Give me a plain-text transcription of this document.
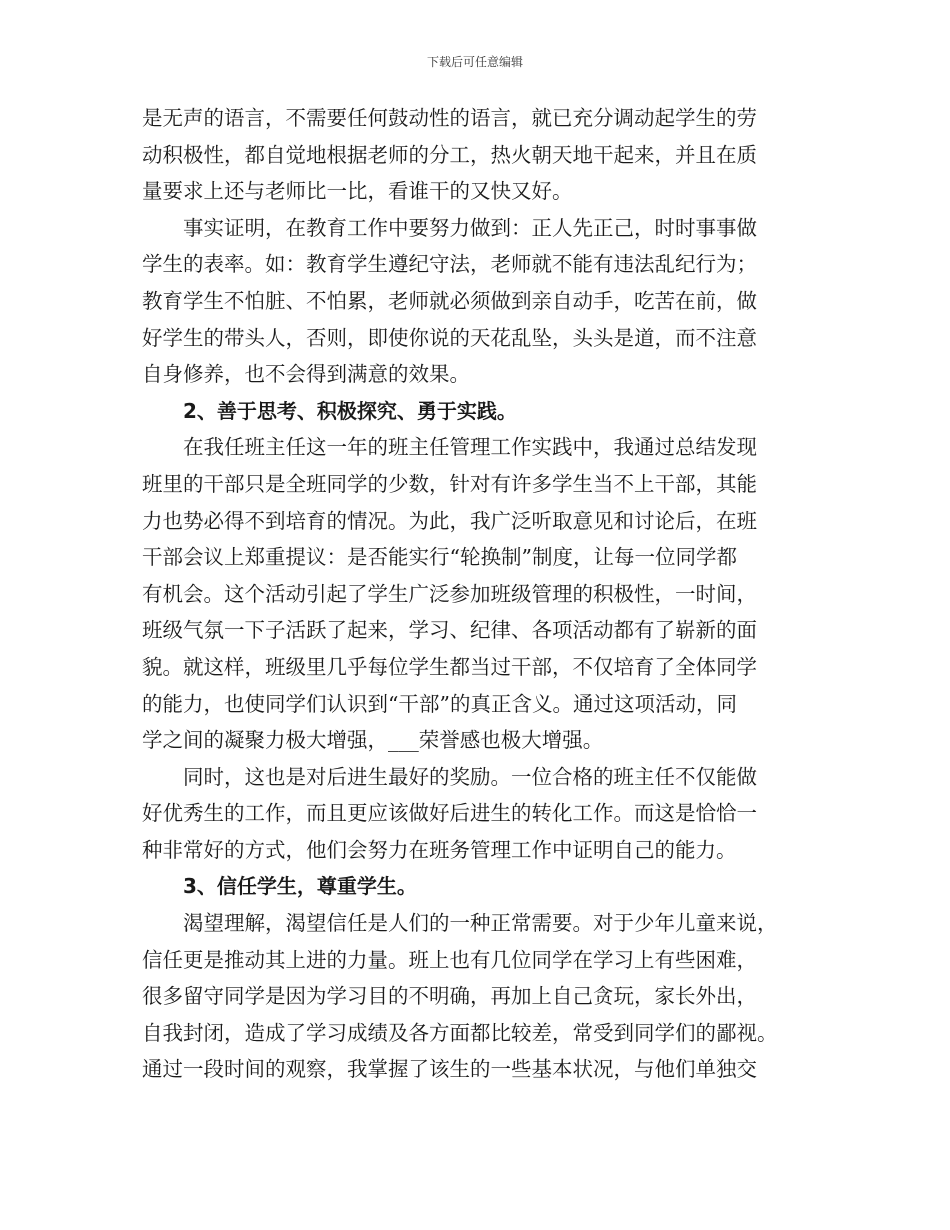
下载后可任意编辑
是无声的语言，不需要任何鼓动性的语言，就已充分调动起学生的劳
动积极性，都自觉地根据老师的分工，热火朝天地干起来，并且在质
量要求上还与老师比一比，看谁干的又快又好。
事实证明，在教育工作中要努力做到：正人先正己，时时事事做
学生的表率。如：教育学生遵纪守法，老师就不能有违法乱纪行为；
教育学生不怕脏、不怕累，老师就必须做到亲自动手，吃苦在前，做
好学生的带头人，否则，即使你说的天花乱坠，头头是道，而不注意
自身修养，也不会得到满意的效果。
2、善于思考、积极探究、勇于实践。
在我任班主任这一年的班主任管理工作实践中，我通过总结发现
班里的干部只是全班同学的少数，针对有许多学生当不上干部，其能
力也势必得不到培育的情况。为此，我广泛听取意见和讨论后，在班
干部会议上郑重提议：是否能实行“轮换制”制度，让每一位同学都
有机会。这个活动引起了学生广泛参加班级管理的积极性，一时间，
班级气氛一下子活跃了起来，学习、纪律、各项活动都有了崭新的面
貌。就这样，班级里几乎每位学生都当过干部，不仅培育了全体同学
的能力，也使同学们认识到“干部”的真正含义。通过这项活动，同
学之间的凝聚力极大增强，___荣誉感也极大增强。
同时，这也是对后进生最好的奖励。一位合格的班主任不仅能做
好优秀生的工作，而且更应该做好后进生的转化工作。而这是恰恰一
种非常好的方式，他们会努力在班务管理工作中证明自己的能力。
3、信任学生，尊重学生。
渴望理解，渴望信任是人们的一种正常需要。对于少年儿童来说，
信任更是推动其上进的力量。班上也有几位同学在学习上有些困难，
很多留守同学是因为学习目的不明确，再加上自己贪玩，家长外出，
自我封闭，造成了学习成绩及各方面都比较差，常受到同学们的鄙视。
通过一段时间的观察，我掌握了该生的一些基本状况，与他们单独交
